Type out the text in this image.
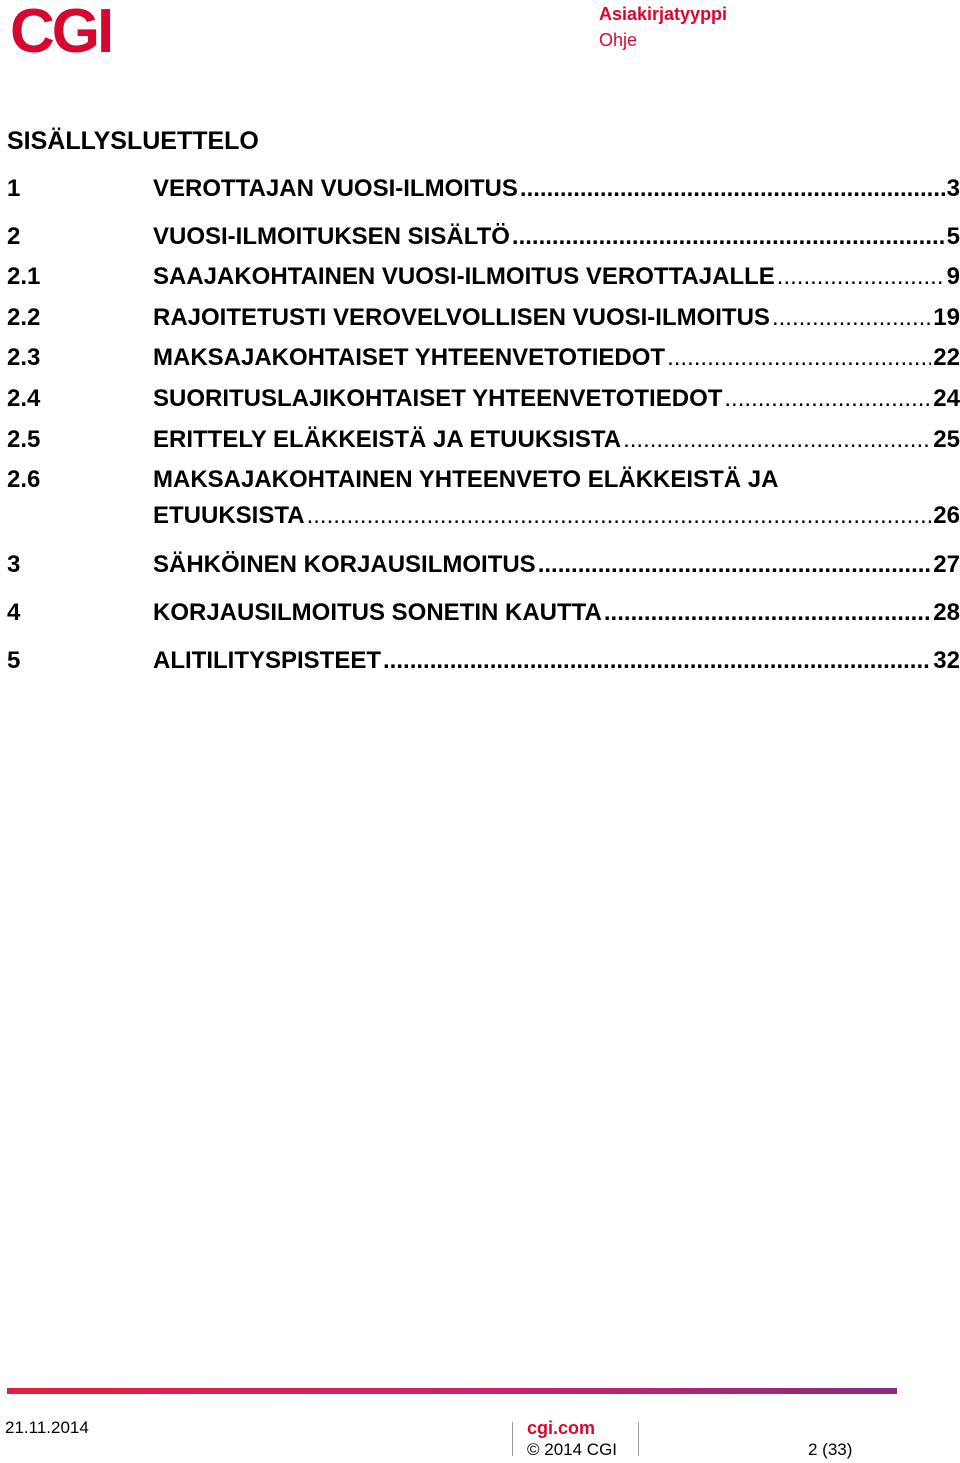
CGI	Asiakirjatyyppi
Ohje
SISÄLLYSLUETTELO
1	VEROTTAJAN VUOSI-ILMOITUS .....	3
2	VUOSI-ILMOITUKSEN SISÄLTÖ .....	5
2.1	SAAJAKOHTAINEN VUOSI-ILMOITUS VEROTTAJALLE .....	9
2.2	RAJOITETUSTI VEROVELVOLLISEN VUOSI-ILMOITUS .....	19
2.3	MAKSAJAKOHTAISET YHTEENVETOTIEDOT .....	22
2.4	SUORITUSLAJIKOHTAISET YHTEENVETOTIEDOT .....	24
2.5	ERITTELY ELÄKKEISTÄ JA ETUUKSISTA .....	25
2.6	MAKSAJAKOHTAINEN YHTEENVETO ELÄKKEISTÄ JA
ETUUKSISTA .....	26
3	SÄHKÖINEN KORJAUSILMOITUS .....	27
4	KORJAUSILMOITUS SONETIN KAUTTA .....	28
5	ALITILITYSPISTEET .....	32
21.11.2014	cgi.com
© 2014 CGI	2 (33)
